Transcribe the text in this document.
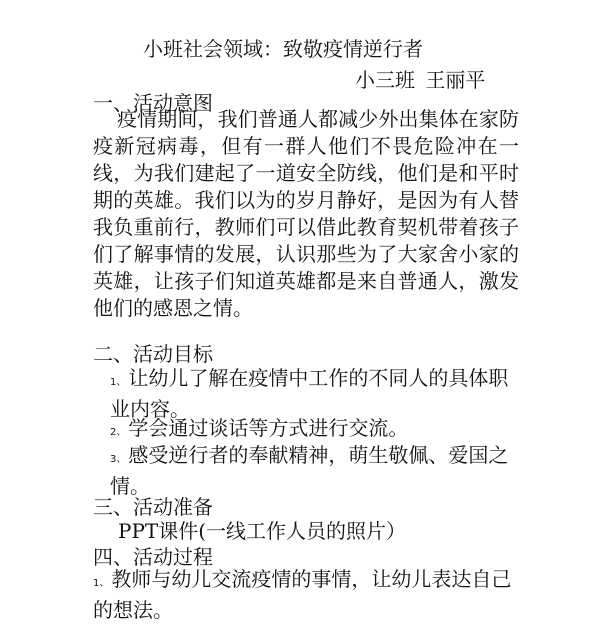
小班社会领域：致敬疫情逆行者
小三班 王丽平
一、活动意图

疫情期间，我们普通人都减少外出集体在家防疫新冠病毒，但有一群人他们不畏危险冲在一线，为我们建起了一道安全防线，他们是和平时期的英雄。我们以为的岁月静好，是因为有人替我负重前行，教师们可以借此教育契机带着孩子们了解事情的发展，认识那些为了大家舍小家的英雄，让孩子们知道英雄都是来自普通人，激发他们的感恩之情。

二、活动目标

1、 让幼儿了解在疫情中工作的不同人的具体职业内容。

2、 学会通过谈话等方式进行交流。

3、 感受逆行者的奉献精神，萌生敬佩、爱国之情。

三、活动准备
PPT课件(一线工作人员的照片）
四、活动过程

1、 教师与幼儿交流疫情的事情，让幼儿表达自己的想法。
